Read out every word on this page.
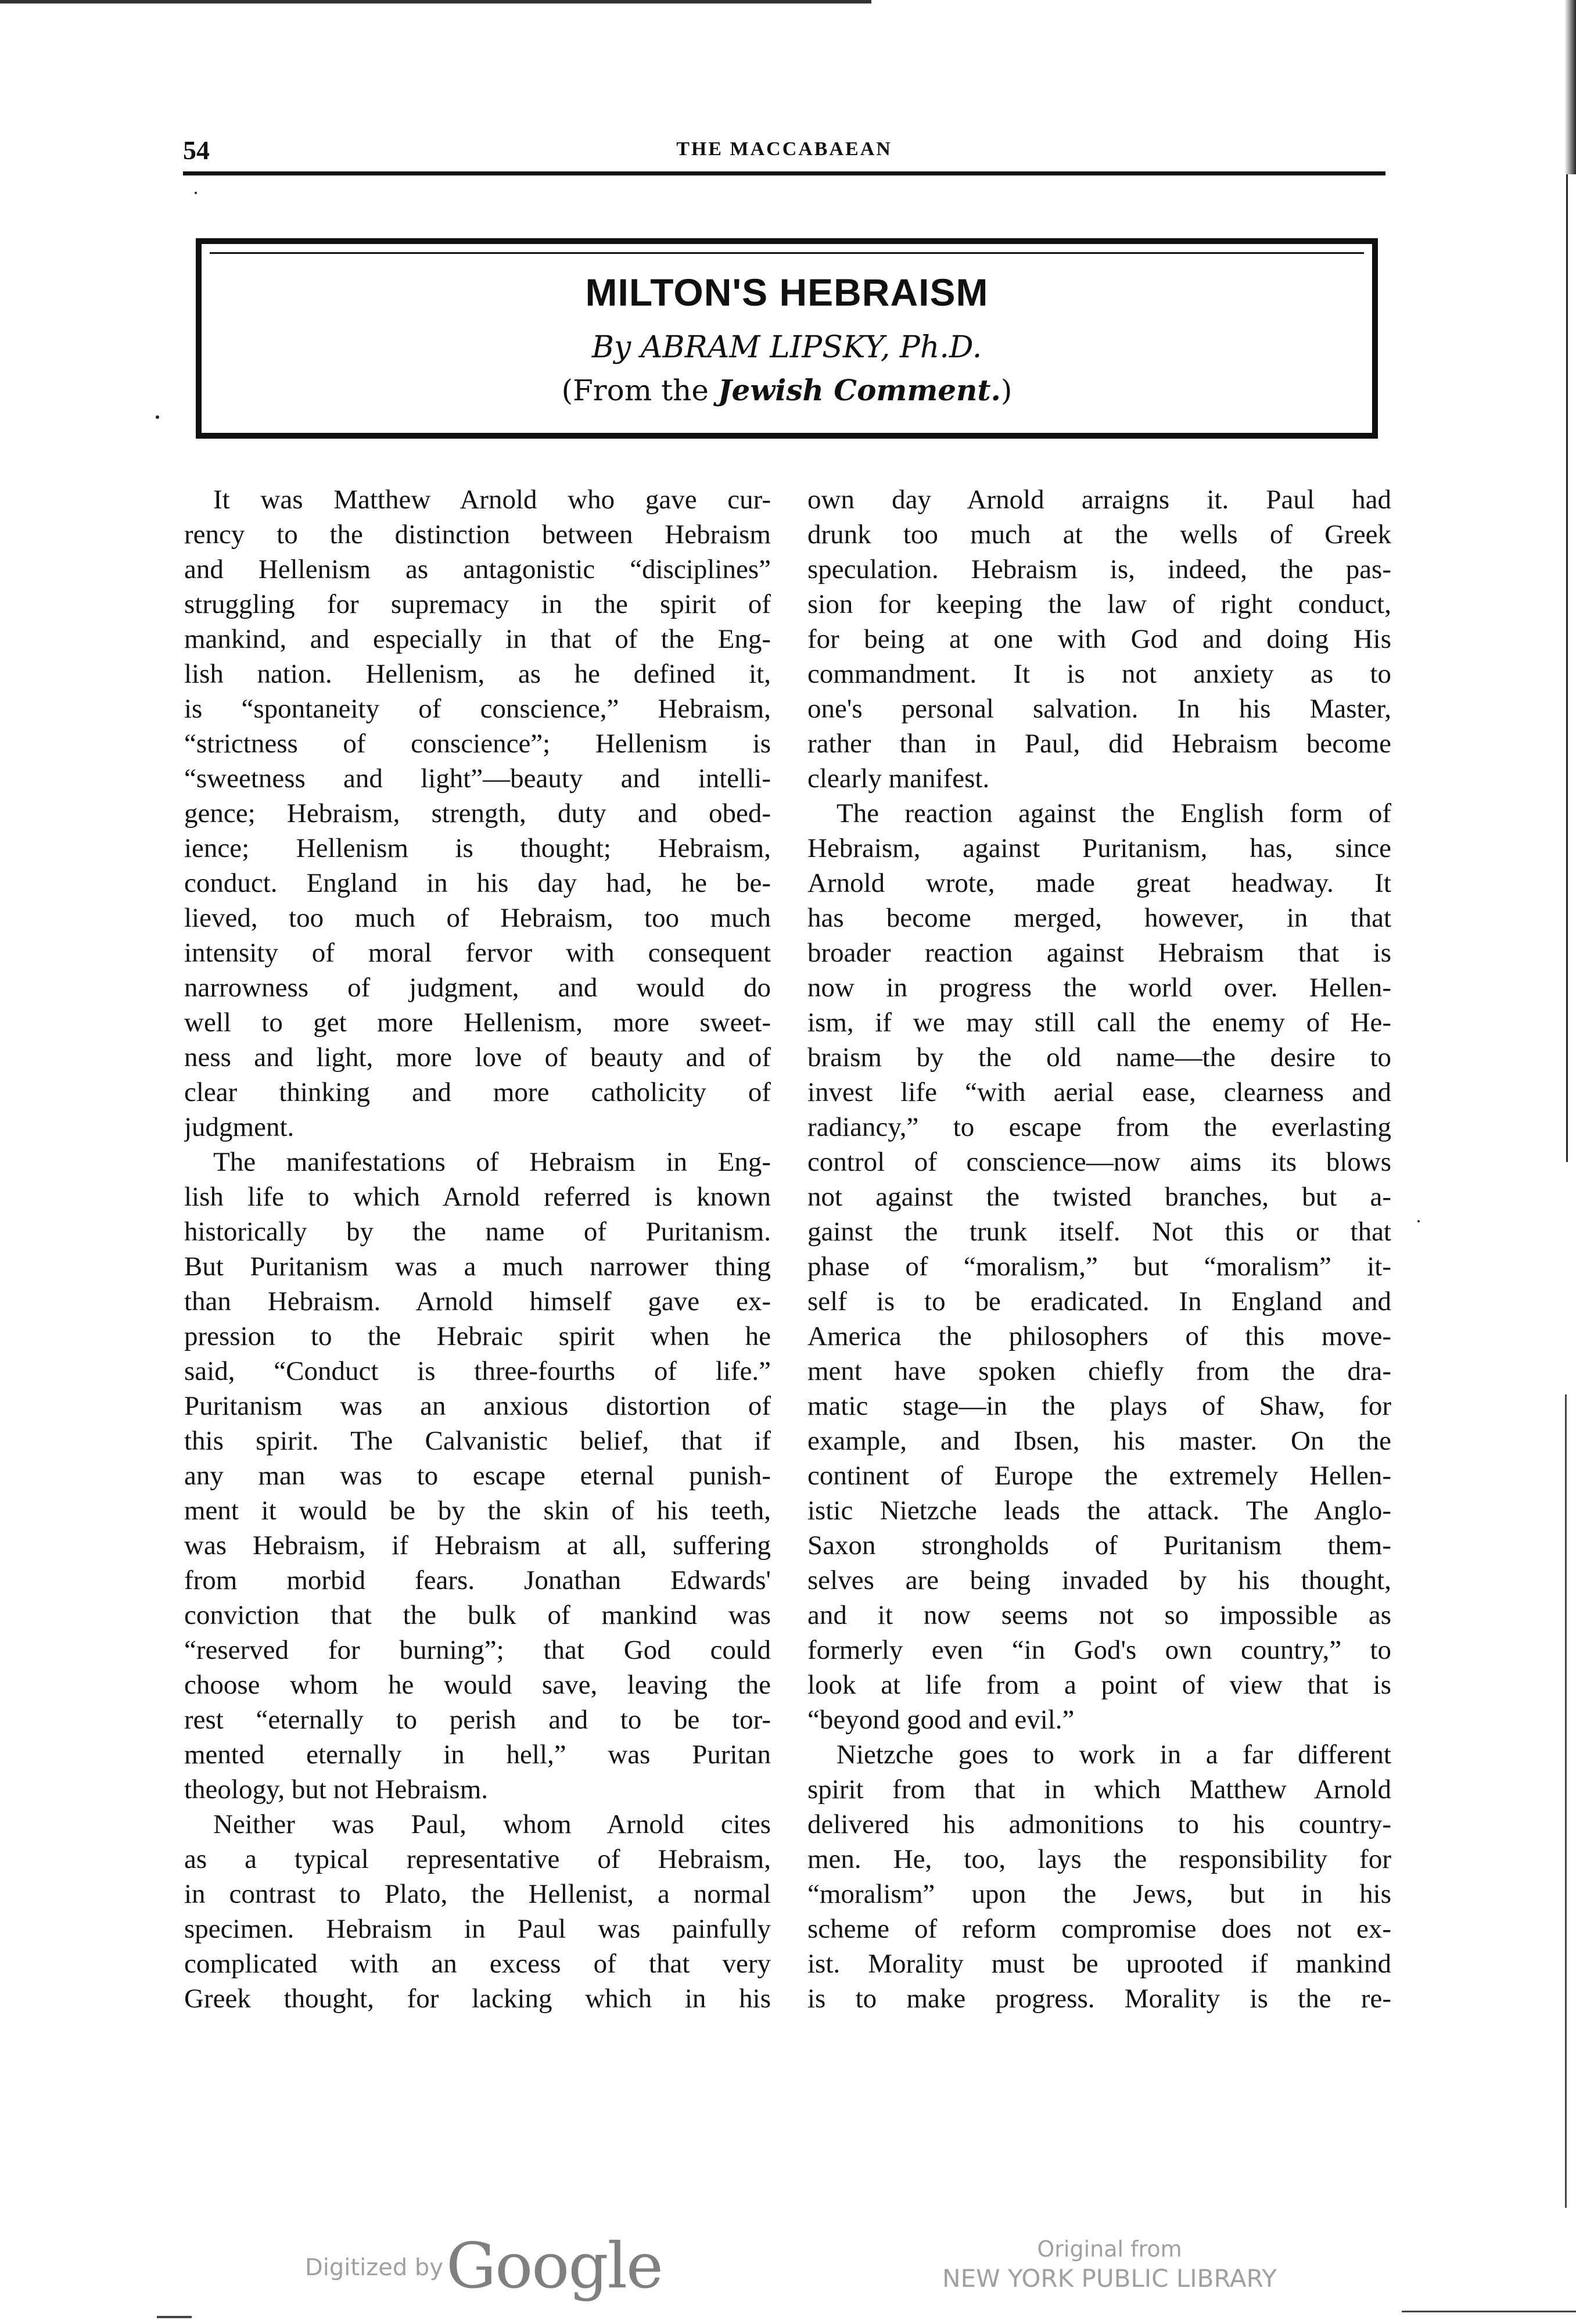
54	THE MACCABAEAN
MILTON'S HEBRAISM
By ABRAM LIPSKY, Ph.D.
(From the Jewish Comment.)
It was Matthew Arnold who gave cur-
rency to the distinction between Hebraism
and Hellenism as antagonistic “disciplines”
struggling for supremacy in the spirit of
mankind, and especially in that of the Eng-
lish nation. Hellenism, as he defined it,
is “spontaneity of conscience,” Hebraism,
“strictness of conscience”; Hellenism is
“sweetness and light”—beauty and intelli-
gence; Hebraism, strength, duty and obed-
ience; Hellenism is thought; Hebraism,
conduct. England in his day had, he be-
lieved, too much of Hebraism, too much
intensity of moral fervor with consequent
narrowness of judgment, and would do
well to get more Hellenism, more sweet-
ness and light, more love of beauty and of
clear thinking and more catholicity of
judgment.
The manifestations of Hebraism in Eng-
lish life to which Arnold referred is known
historically by the name of Puritanism.
But Puritanism was a much narrower thing
than Hebraism. Arnold himself gave ex-
pression to the Hebraic spirit when he
said, “Conduct is three-fourths of life.”
Puritanism was an anxious distortion of
this spirit. The Calvanistic belief, that if
any man was to escape eternal punish-
ment it would be by the skin of his teeth,
was Hebraism, if Hebraism at all, suffering
from morbid fears. Jonathan Edwards'
conviction that the bulk of mankind was
“reserved for burning”; that God could
choose whom he would save, leaving the
rest “eternally to perish and to be tor-
mented eternally in hell,” was Puritan
theology, but not Hebraism.
Neither was Paul, whom Arnold cites
as a typical representative of Hebraism,
in contrast to Plato, the Hellenist, a normal
specimen. Hebraism in Paul was painfully
complicated with an excess of that very
Greek thought, for lacking which in his
own day Arnold arraigns it. Paul had
drunk too much at the wells of Greek
speculation. Hebraism is, indeed, the pas-
sion for keeping the law of right conduct,
for being at one with God and doing His
commandment. It is not anxiety as to
one's personal salvation. In his Master,
rather than in Paul, did Hebraism become
clearly manifest.
The reaction against the English form of
Hebraism, against Puritanism, has, since
Arnold wrote, made great headway. It
has become merged, however, in that
broader reaction against Hebraism that is
now in progress the world over. Hellen-
ism, if we may still call the enemy of He-
braism by the old name—the desire to
invest life “with aerial ease, clearness and
radiancy,” to escape from the everlasting
control of conscience—now aims its blows
not against the twisted branches, but a-
gainst the trunk itself. Not this or that
phase of “moralism,” but “moralism” it-
self is to be eradicated. In England and
America the philosophers of this move-
ment have spoken chiefly from the dra-
matic stage—in the plays of Shaw, for
example, and Ibsen, his master. On the
continent of Europe the extremely Hellen-
istic Nietzche leads the attack. The Anglo-
Saxon strongholds of Puritanism them-
selves are being invaded by his thought,
and it now seems not so impossible as
formerly even “in God's own country,” to
look at life from a point of view that is
“beyond good and evil.”
Nietzche goes to work in a far different
spirit from that in which Matthew Arnold
delivered his admonitions to his country-
men. He, too, lays the responsibility for
“moralism” upon the Jews, but in his
scheme of reform compromise does not ex-
ist. Morality must be uprooted if mankind
is to make progress. Morality is the re-
Digitized by Google	Original from
NEW YORK PUBLIC LIBRARY
